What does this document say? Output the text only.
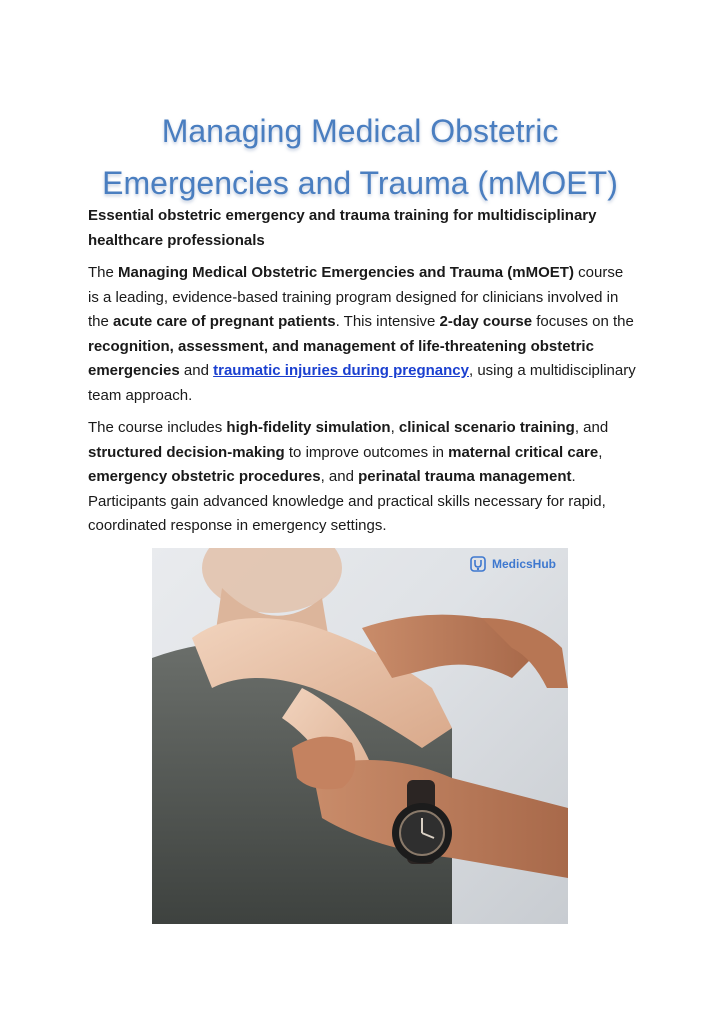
Managing Medical Obstetric
Emergencies and Trauma (mMOET)
Essential obstetric emergency and trauma training for multidisciplinary healthcare professionals
The Managing Medical Obstetric Emergencies and Trauma (mMOET) course is a leading, evidence-based training program designed for clinicians involved in the acute care of pregnant patients. This intensive 2-day course focuses on the recognition, assessment, and management of life-threatening obstetric emergencies and traumatic injuries during pregnancy, using a multidisciplinary team approach.
The course includes high-fidelity simulation, clinical scenario training, and structured decision-making to improve outcomes in maternal critical care, emergency obstetric procedures, and perinatal trauma management. Participants gain advanced knowledge and practical skills necessary for rapid, coordinated response in emergency settings.
MedicsHub
